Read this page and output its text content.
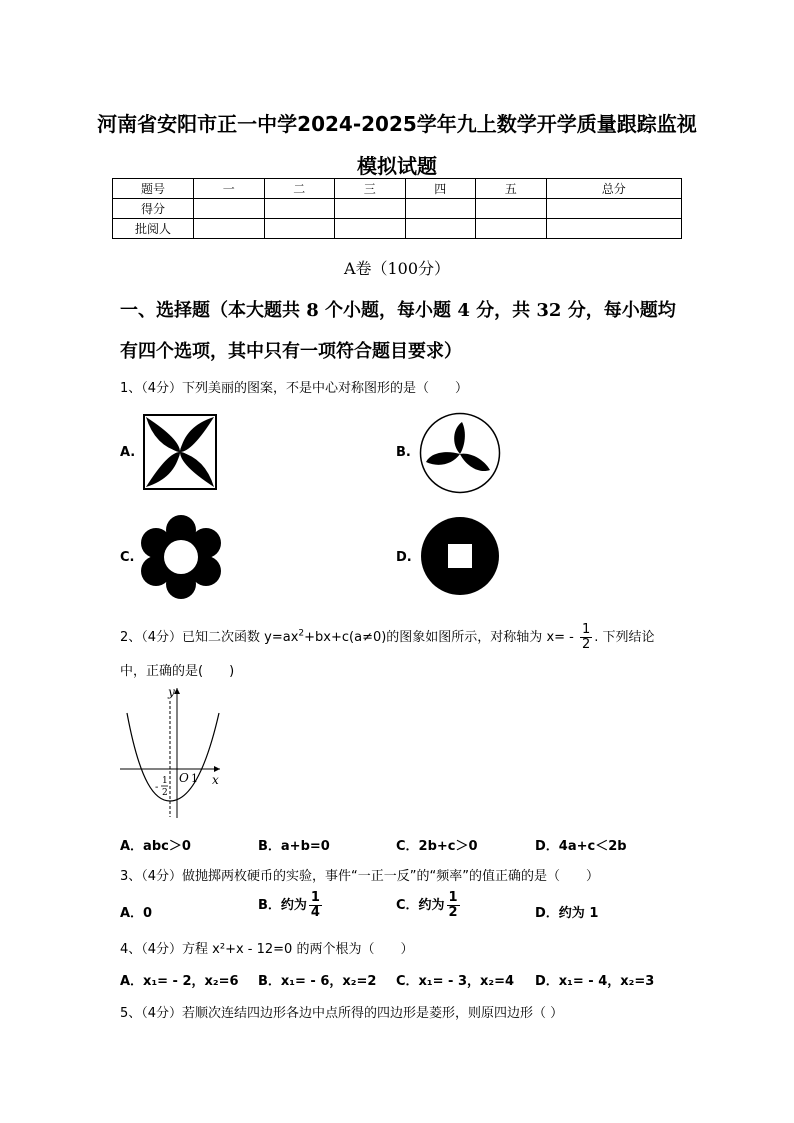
河南省安阳市正一中学2024-2025学年九上数学开学质量跟踪监视
模拟试题
题号	一	二	三	四	五	总分
得分						
批阅人						
A卷（100分）
一、选择题（本大题共 8 个小题，每小题 4 分，共 32 分，每小题均
有四个选项，其中只有一项符合题目要求）
1、（4分）下列美丽的图案，不是中心对称图形的是（　　）
A.	B.
C.	D.
2、（4分）已知二次函数 $y=ax^2+bx+c(a\ne 0)$的图象如图所示，对称轴为 $x= - \frac{1}{2}$ . 下列结论
中，正确的是(　　)
y
x
O 1
-
1
2
A．abc＞0	B．a+b=0	C．2b+c＞0	D．4a+c＜2b
3、（4分）做抛掷两枚硬币的实验，事件“一正一反”的“频率”的值正确的是（　　）
A．0
B．约为 $\frac{1}{4}$	C．约为 $\frac{1}{2}$	D．约为 1
4、（4分）方程 x²+x - 12=0 的两个根为（　　）
A．x₁= - 2，x₂=6 B．x₁= - 6，x₂=2 C．x₁= - 3，x₂=4 D．x₁= - 4，x₂=3
5、（4分）若顺次连结四边形各边中点所得的四边形是菱形，则原四边形（ ）
